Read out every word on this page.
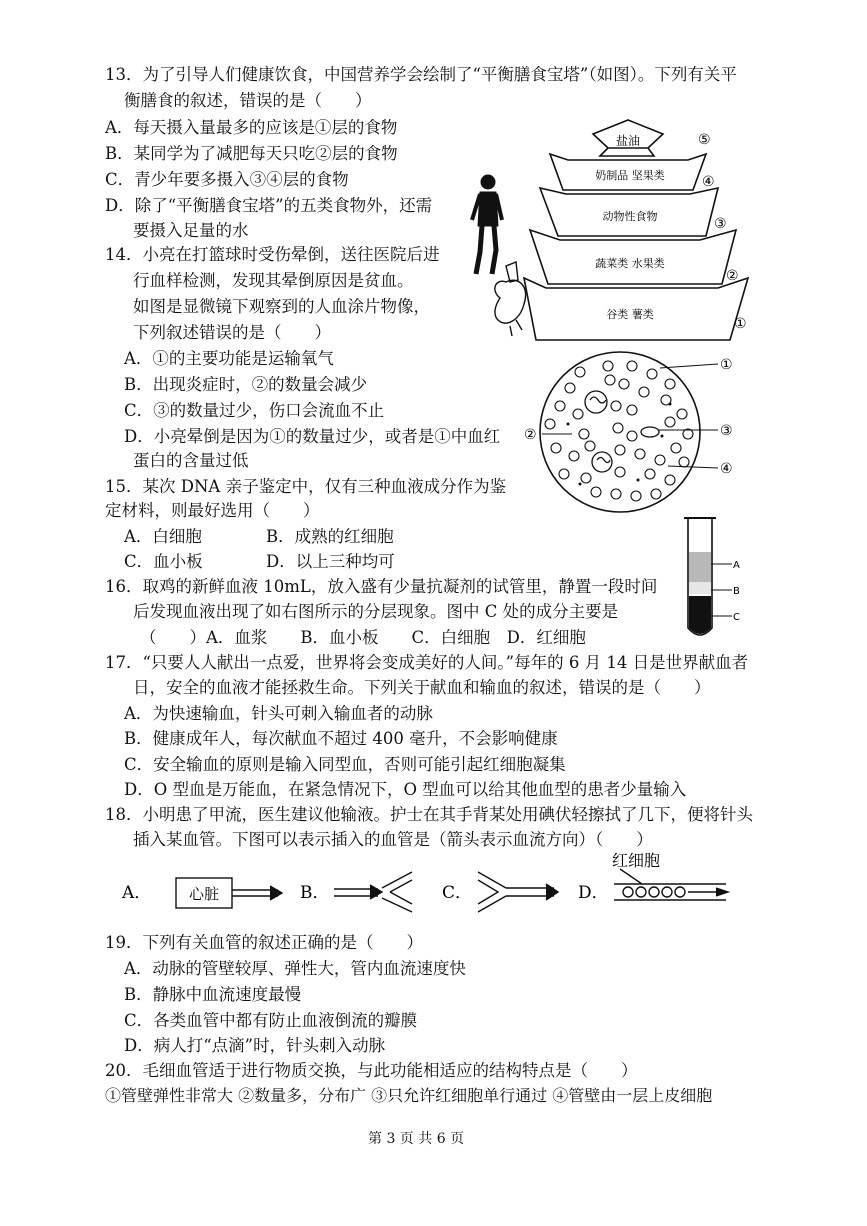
13．为了引导人们健康饮食，中国营养学会绘制了“平衡膳食宝塔”（如图）。下列有关平
衡膳食的叙述，错误的是（　　）
A．每天摄入量最多的应该是①层的食物
B．某同学为了减肥每天只吃②层的食物
C．青少年要多摄入③④层的食物
D．除了“平衡膳食宝塔”的五类食物外，还需
要摄入足量的水
盐油
奶制品 坚果类
动物性食物
蔬菜类 水果类
谷类 薯类
⑤
④
③
②
①
14．小亮在打篮球时受伤晕倒，送往医院后进
行血样检测，发现其晕倒原因是贫血。
如图是显微镜下观察到的人血涂片物像，
下列叙述错误的是（　　）
A．①的主要功能是运输氧气
B．出现炎症时，②的数量会减少
C．③的数量过少，伤口会流血不止
D．小亮晕倒是因为①的数量过少，或者是①中血红
蛋白的含量过低
①
②	③
④
15．某次 DNA 亲子鉴定中，仅有三种血液成分作为鉴
定材料，则最好选用（　　）
A．白细胞	B．成熟的红细胞
C．血小板	D．以上三种均可	A
B
C
16．取鸡的新鲜血液 10mL，放入盛有少量抗凝剂的试管里，静置一段时间
后发现血液出现了如右图所示的分层现象。图中 C 处的成分主要是
（　　）A．血浆　　B．血小板　　C．白细胞　D．红细胞
17．“只要人人献出一点爱，世界将会变成美好的人间。”每年的 6 月 14 日是世界献血者
日，安全的血液才能拯救生命。下列关于献血和输血的叙述，错误的是（　　）
A．为快速输血，针头可刺入输血者的动脉
B．健康成年人，每次献血不超过 400 毫升，不会影响健康
C．安全输血的原则是输入同型血，否则可能引起红细胞凝集
D．O 型血是万能血，在紧急情况下，O 型血可以给其他血型的患者少量输入
18．小明患了甲流，医生建议他输液。护士在其手背某处用碘伏轻擦拭了几下，便将针头
插入某血管。下图可以表示插入的血管是（箭头表示血流方向）（　　）
A．	心脏	B．	C．	D．
红细胞
19．下列有关血管的叙述正确的是（　　）
A．动脉的管壁较厚、弹性大，管内血流速度快
B．静脉中血流速度最慢
C．各类血管中都有防止血液倒流的瓣膜
D．病人打“点滴”时，针头刺入动脉
20．毛细血管适于进行物质交换，与此功能相适应的结构特点是（　　）
①管壁弹性非常大 ②数量多，分布广 ③只允许红细胞单行通过 ④管壁由一层上皮细胞
第 3 页 共 6 页
